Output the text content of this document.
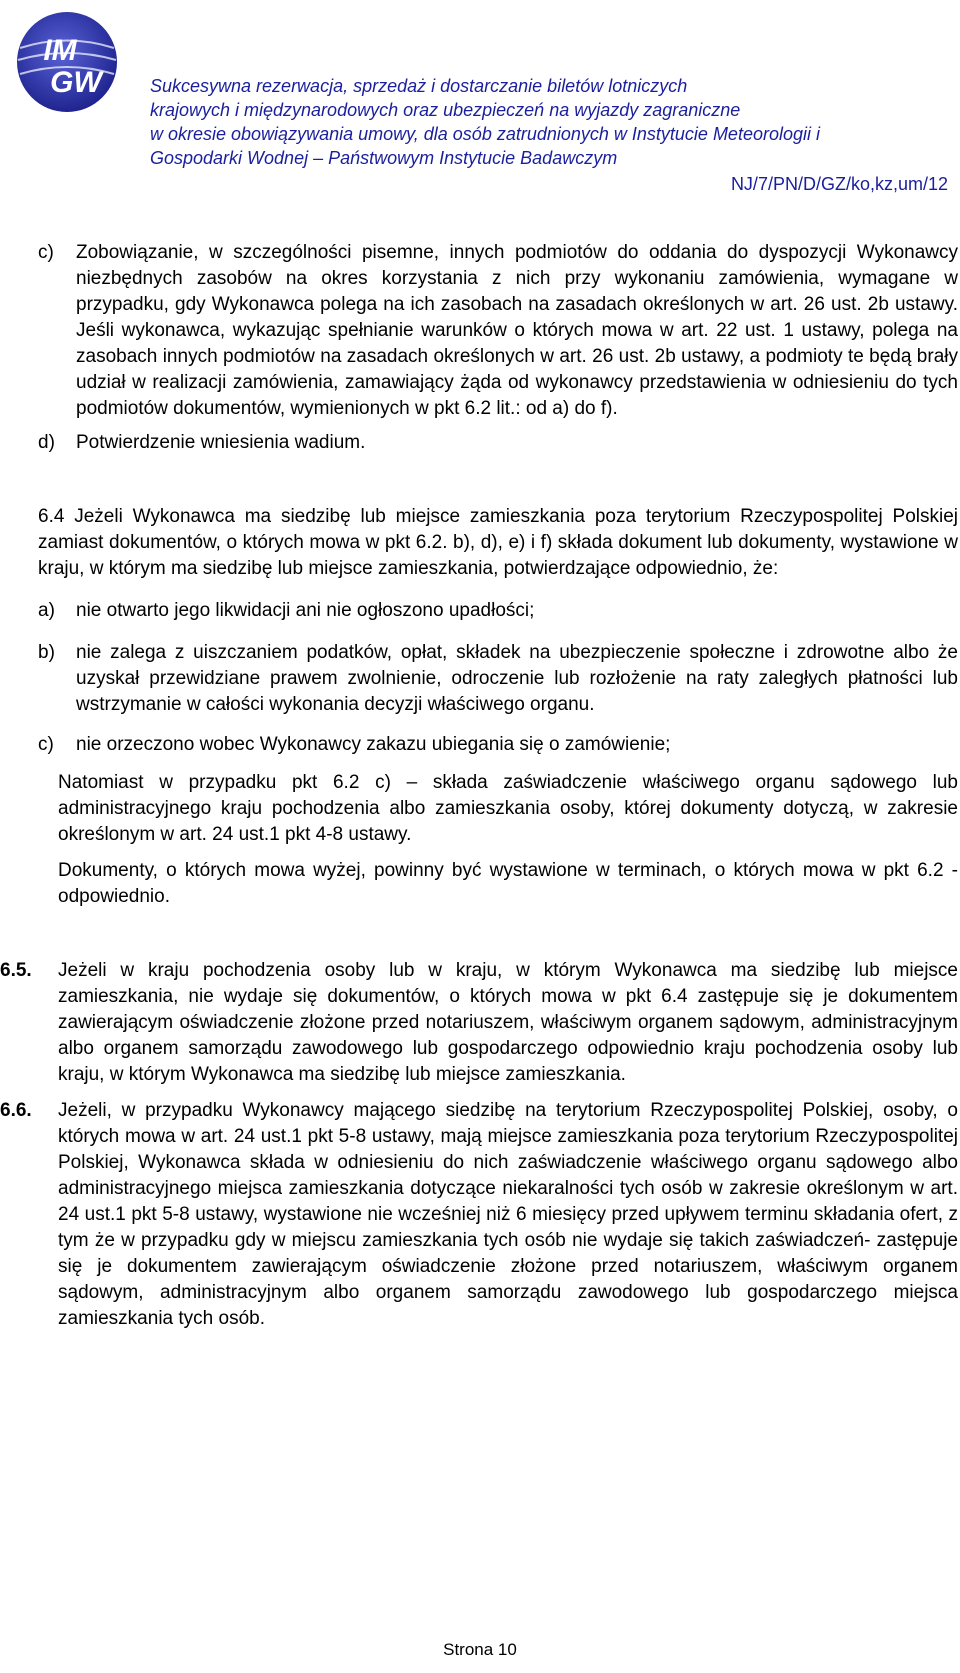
IM
GW	Sukcesywna rezerwacja, sprzedaż i dostarczanie biletów lotniczych
krajowych i międzynarodowych oraz ubezpieczeń na wyjazdy zagraniczne
w okresie obowiązywania umowy, dla osób zatrudnionych w Instytucie Meteorologii i
Gospodarki Wodnej – Państwowym Instytucie Badawczym
NJ/7/PN/D/GZ/ko,kz,um/12
c) Zobowiązanie, w szczególności pisemne, innych podmiotów do oddania do dyspozycji Wykonawcy niezbędnych zasobów na okres korzystania z nich przy wykonaniu zamówienia, wymagane w przypadku, gdy Wykonawca polega na ich zasobach na zasadach określonych w art. 26 ust. 2b ustawy. Jeśli wykonawca, wykazując spełnianie warunków o których mowa w art. 22 ust. 1 ustawy, polega na zasobach innych podmiotów na zasadach określonych w art. 26 ust. 2b ustawy, a podmioty te będą brały udział w realizacji zamówienia, zamawiający żąda od wykonawcy przedstawienia w odniesieniu do tych podmiotów dokumentów, wymienionych w pkt 6.2 lit.: od a) do f).
d) Potwierdzenie wniesienia wadium.
6.4 Jeżeli Wykonawca ma siedzibę lub miejsce zamieszkania poza terytorium Rzeczypospolitej Polskiej zamiast dokumentów, o których mowa w pkt 6.2. b), d), e) i f) składa dokument lub dokumenty, wystawione w kraju, w którym ma siedzibę lub miejsce zamieszkania, potwierdzające odpowiednio, że:
a) nie otwarto jego likwidacji ani nie ogłoszono upadłości;
b) nie zalega z uiszczaniem podatków, opłat, składek na ubezpieczenie społeczne i zdrowotne albo że uzyskał przewidziane prawem zwolnienie, odroczenie lub rozłożenie na raty zaległych płatności lub wstrzymanie w całości wykonania decyzji właściwego organu.
c) nie orzeczono wobec Wykonawcy zakazu ubiegania się o zamówienie;
Natomiast w przypadku pkt 6.2 c) – składa zaświadczenie właściwego organu sądowego lub administracyjnego kraju pochodzenia albo zamieszkania osoby, której dokumenty dotyczą, w zakresie określonym w art. 24 ust.1 pkt 4-8 ustawy.
Dokumenty, o których mowa wyżej, powinny być wystawione w terminach, o których mowa w pkt 6.2 - odpowiednio.
6.5. Jeżeli w kraju pochodzenia osoby lub w kraju, w którym Wykonawca ma siedzibę lub miejsce zamieszkania, nie wydaje się dokumentów, o których mowa w pkt 6.4 zastępuje się je dokumentem zawierającym oświadczenie złożone przed notariuszem, właściwym organem sądowym, administracyjnym albo organem samorządu zawodowego lub gospodarczego odpowiednio kraju pochodzenia osoby lub kraju, w którym Wykonawca ma siedzibę lub miejsce zamieszkania.
6.6. Jeżeli, w przypadku Wykonawcy mającego siedzibę na terytorium Rzeczypospolitej Polskiej, osoby, o których mowa w art. 24 ust.1 pkt 5-8 ustawy, mają miejsce zamieszkania poza terytorium Rzeczypospolitej Polskiej, Wykonawca składa w odniesieniu do nich zaświadczenie właściwego organu sądowego albo administracyjnego miejsca zamieszkania dotyczące niekaralności tych osób w zakresie określonym w art. 24 ust.1 pkt 5-8 ustawy, wystawione nie wcześniej niż 6 miesięcy przed upływem terminu składania ofert, z tym że w przypadku gdy w miejscu zamieszkania tych osób nie wydaje się takich zaświadczeń- zastępuje się je dokumentem zawierającym oświadczenie złożone przed notariuszem, właściwym organem sądowym, administracyjnym albo organem samorządu zawodowego lub gospodarczego miejsca zamieszkania tych osób.
Strona 10
